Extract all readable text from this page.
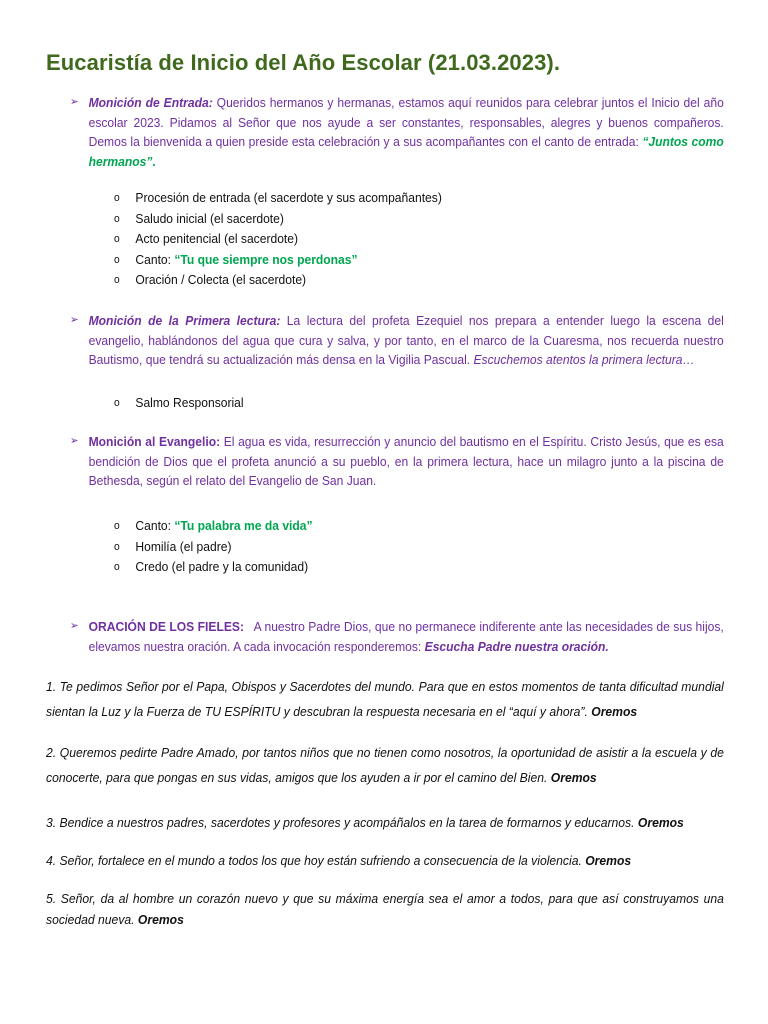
Eucaristía de Inicio del Año Escolar (21.03.2023).
➢ Monición de Entrada: Queridos hermanos y hermanas, estamos aquí reunidos para celebrar juntos el Inicio del año escolar 2023. Pidamos al Señor que nos ayude a ser constantes, responsables, alegres y buenos compañeros. Demos la bienvenida a quien preside esta celebración y a sus acompañantes con el canto de entrada: “Juntos como hermanos”.
o Procesión de entrada (el sacerdote y sus acompañantes)
o Saludo inicial (el sacerdote)
o Acto penitencial (el sacerdote)
o Canto: “Tu que siempre nos perdonas”
o Oración / Colecta (el sacerdote)
➢ Monición de la Primera lectura: La lectura del profeta Ezequiel nos prepara a entender luego la escena del evangelio, hablándonos del agua que cura y salva, y por tanto, en el marco de la Cuaresma, nos recuerda nuestro Bautismo, que tendrá su actualización más densa en la Vigilia Pascual. Escuchemos atentos la primera lectura…
o Salmo Responsorial
➢ Monición al Evangelio: El agua es vida, resurrección y anuncio del bautismo en el Espíritu. Cristo Jesús, que es esa bendición de Dios que el profeta anunció a su pueblo, en la primera lectura, hace un milagro junto a la piscina de Bethesda, según el relato del Evangelio de San Juan.
o Canto: “Tu palabra me da vida”
o Homilía (el padre)
o Credo (el padre y la comunidad)
➢ ORACIÓN DE LOS FIELES:   A nuestro Padre Dios, que no permanece indiferente ante las necesidades de sus hijos, elevamos nuestra oración. A cada invocación responderemos: Escucha Padre nuestra oración.

1. Te pedimos Señor por el Papa, Obispos y Sacerdotes del mundo. Para que en estos momentos de tanta dificultad mundial sientan la Luz y la Fuerza de TU ESPÍRITU y descubran la respuesta necesaria en el “aquí y ahora”. Oremos

2. Queremos pedirte Padre Amado, por tantos niños que no tienen como nosotros, la oportunidad de asistir a la escuela y de conocerte, para que pongas en sus vidas, amigos que los ayuden a ir por el camino del Bien. Oremos

3. Bendice a nuestros padres, sacerdotes y profesores y acompáñalos en la tarea de formarnos y educarnos. Oremos

4. Señor, fortalece en el mundo a todos los que hoy están sufriendo a consecuencia de la violencia. Oremos

5. Señor, da al hombre un corazón nuevo y que su máxima energía sea el amor a todos, para que así construyamos una sociedad nueva. Oremos
